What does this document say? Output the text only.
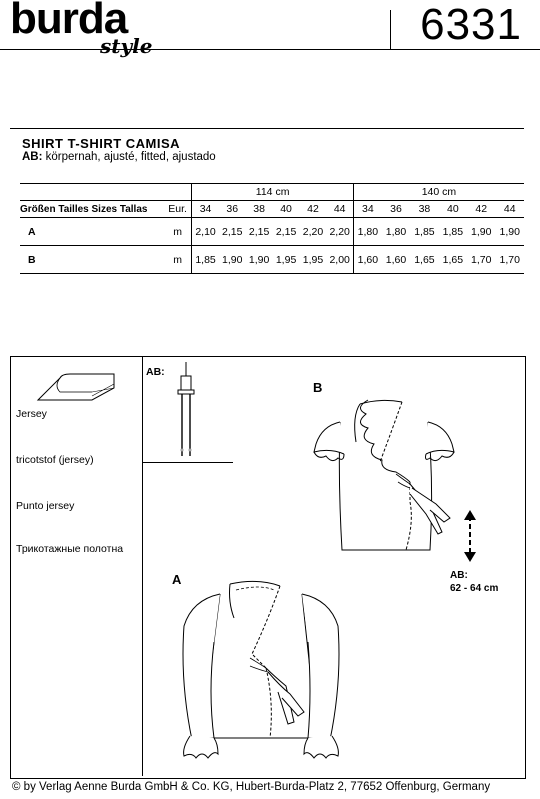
burda
style	6331
SHIRT T-SHIRT CAMISA
AB: körpernah, ajusté, fitted, ajustado
		114 cm						140 cm					
Größen Tailles Sizes Tallas	Eur.	34	36	38	40	42	44	34	36	38	40	42	44
A	m	2,10	2,15	2,15	2,15	2,20	2,20	1,80	1,80	1,85	1,85	1,90	1,90
B	m	1,85	1,90	1,90	1,95	1,95	2,00	1,60	1,60	1,65	1,65	1,70	1,70
Jersey
tricotstof (jersey)
Punto jersey
Трикотажные полотна
AB:
B
AB:
62 - 64 cm
A
© by Verlag Aenne Burda GmbH & Co. KG, Hubert-Burda-Platz 2, 77652 Offenburg, Germany
